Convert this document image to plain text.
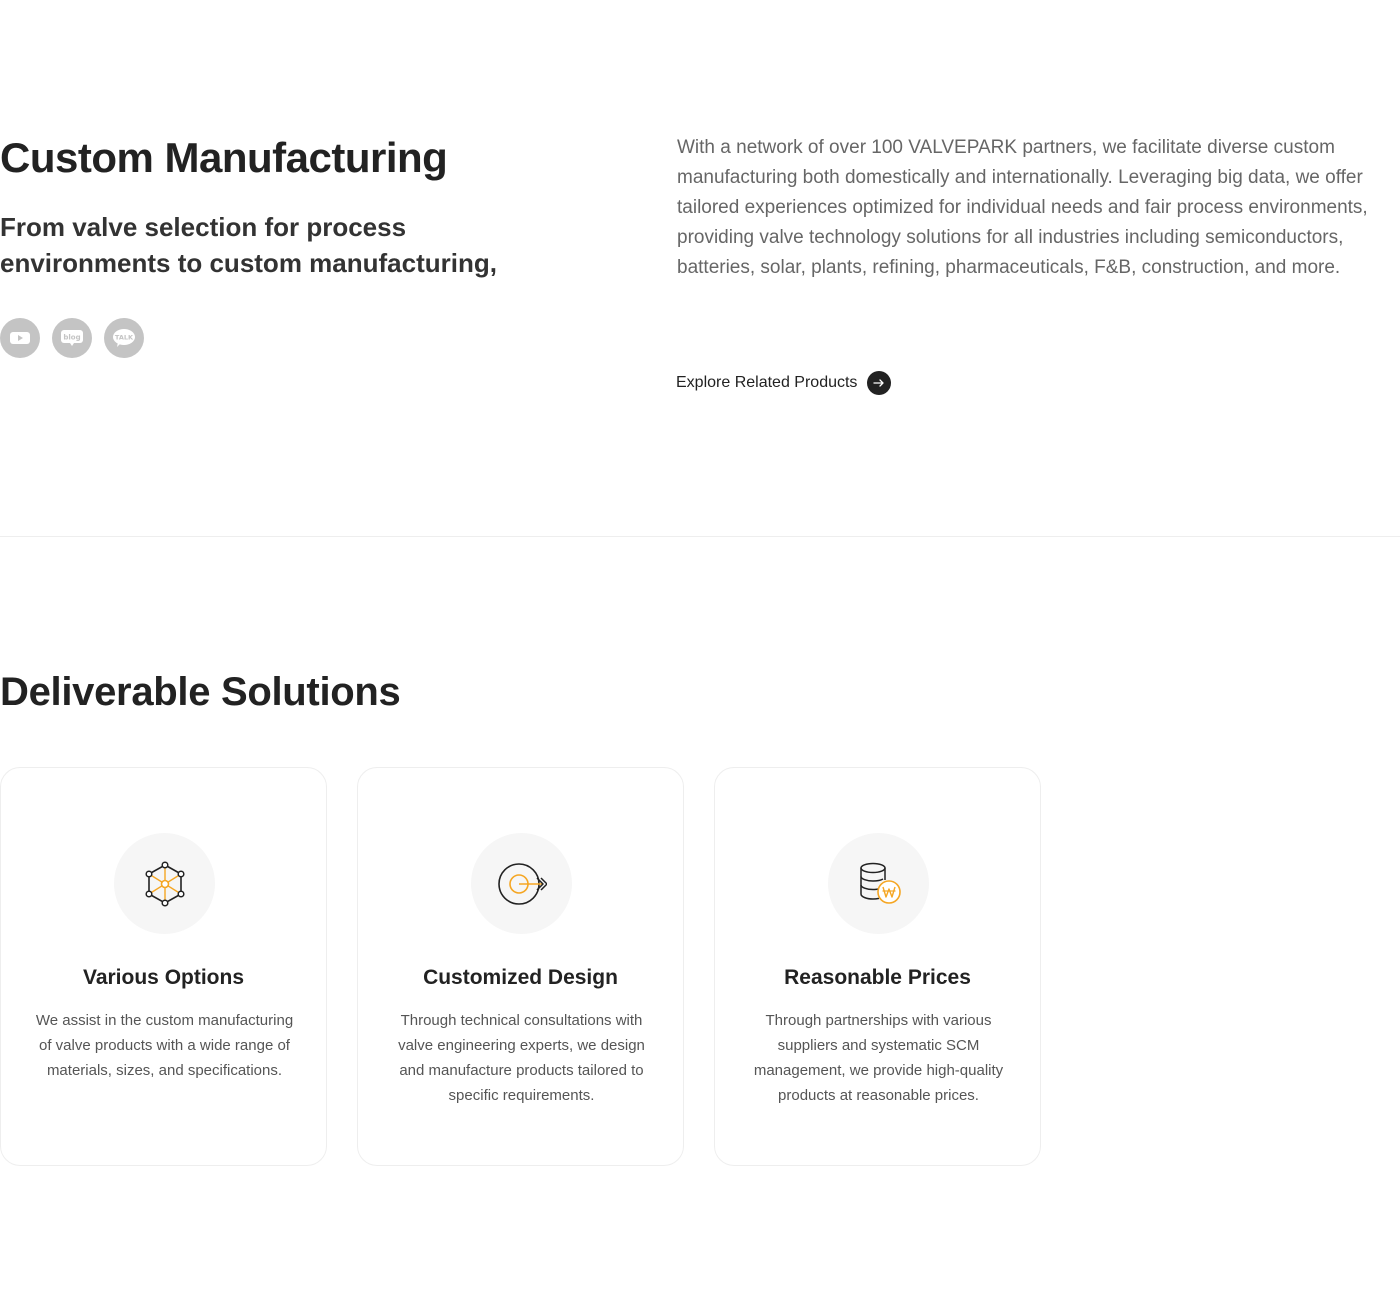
Custom Manufacturing
From valve selection for process environments to custom manufacturing,
blog	TALK

With a network of over 100 VALVEPARK partners, we facilitate diverse custom manufacturing both domestically and internationally. Leveraging big data, we offer tailored experiences optimized for individual needs and fair process environments, providing valve technology solutions for all industries including semiconductors, batteries, solar, plants, refining, pharmaceuticals, F&B, construction, and more.

Explore Related Products
Deliverable Solutions
Various Options

We assist in the custom manufacturing of valve products with a wide range of materials, sizes, and specifications.

Customized Design

Through technical consultations with valve engineering experts, we design and manufacture products tailored to specific requirements.

Reasonable Prices

Through partnerships with various suppliers and systematic SCM management, we provide high-quality products at reasonable prices.
